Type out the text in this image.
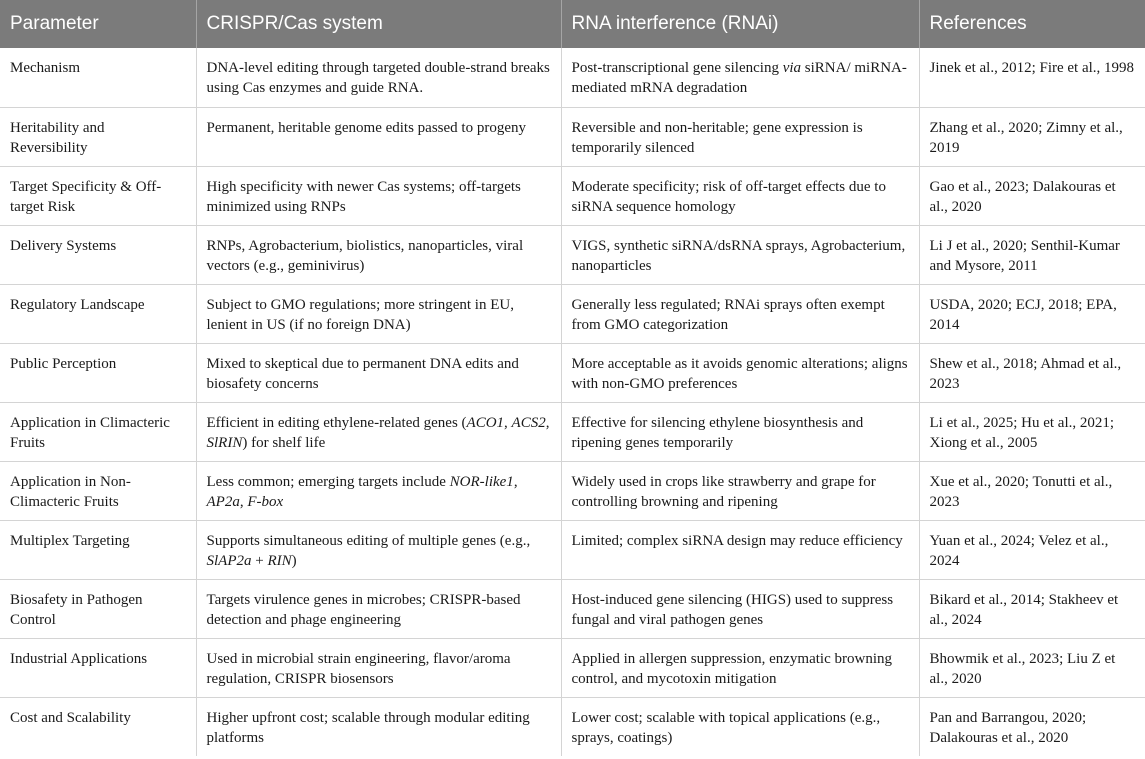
Parameter	CRISPR/Cas system	RNA interference (RNAi)	References
Mechanism	DNA-level editing through targeted double-strand breaks using Cas enzymes and guide RNA.	Post-transcriptional gene silencing via siRNA/ miRNA-mediated mRNA degradation	Jinek et al., 2012; Fire et al., 1998
Heritability and Reversibility	Permanent, heritable genome edits passed to progeny	Reversible and non-heritable; gene expression is temporarily silenced	Zhang et al., 2020; Zimny et al., 2019
Target Specificity & Off-target Risk	High specificity with newer Cas systems; off-targets minimized using RNPs	Moderate specificity; risk of off-target effects due to siRNA sequence homology	Gao et al., 2023; Dalakouras et al., 2020
Delivery Systems	RNPs, Agrobacterium, biolistics, nanoparticles, viral vectors (e.g., geminivirus)	VIGS, synthetic siRNA/dsRNA sprays, Agrobacterium, nanoparticles	Li J et al., 2020; Senthil-Kumar and Mysore, 2011
Regulatory Landscape	Subject to GMO regulations; more stringent in EU, lenient in US (if no foreign DNA)	Generally less regulated; RNAi sprays often exempt from GMO categorization	USDA, 2020; ECJ, 2018; EPA, 2014
Public Perception	Mixed to skeptical due to permanent DNA edits and biosafety concerns	More acceptable as it avoids genomic alterations; aligns with non-GMO preferences	Shew et al., 2018; Ahmad et al., 2023
Application in Climacteric Fruits	Efficient in editing ethylene-related genes (ACO1, ACS2, SlRIN) for shelf life	Effective for silencing ethylene biosynthesis and ripening genes temporarily	Li et al., 2025; Hu et al., 2021; Xiong et al., 2005
Application in Non-Climacteric Fruits	Less common; emerging targets include NOR-like1, AP2a, F-box	Widely used in crops like strawberry and grape for controlling browning and ripening	Xue et al., 2020; Tonutti et al., 2023
Multiplex Targeting	Supports simultaneous editing of multiple genes (e.g., SlAP2a + RIN)	Limited; complex siRNA design may reduce efficiency	Yuan et al., 2024; Velez et al., 2024
Biosafety in Pathogen Control	Targets virulence genes in microbes; CRISPR-based detection and phage engineering	Host-induced gene silencing (HIGS) used to suppress fungal and viral pathogen genes	Bikard et al., 2014; Stakheev et al., 2024
Industrial Applications	Used in microbial strain engineering, flavor/aroma regulation, CRISPR biosensors	Applied in allergen suppression, enzymatic browning control, and mycotoxin mitigation	Bhowmik et al., 2023; Liu Z et al., 2020
Cost and Scalability	Higher upfront cost; scalable through modular editing platforms	Lower cost; scalable with topical applications (e.g., sprays, coatings)	Pan and Barrangou, 2020; Dalakouras et al., 2020
